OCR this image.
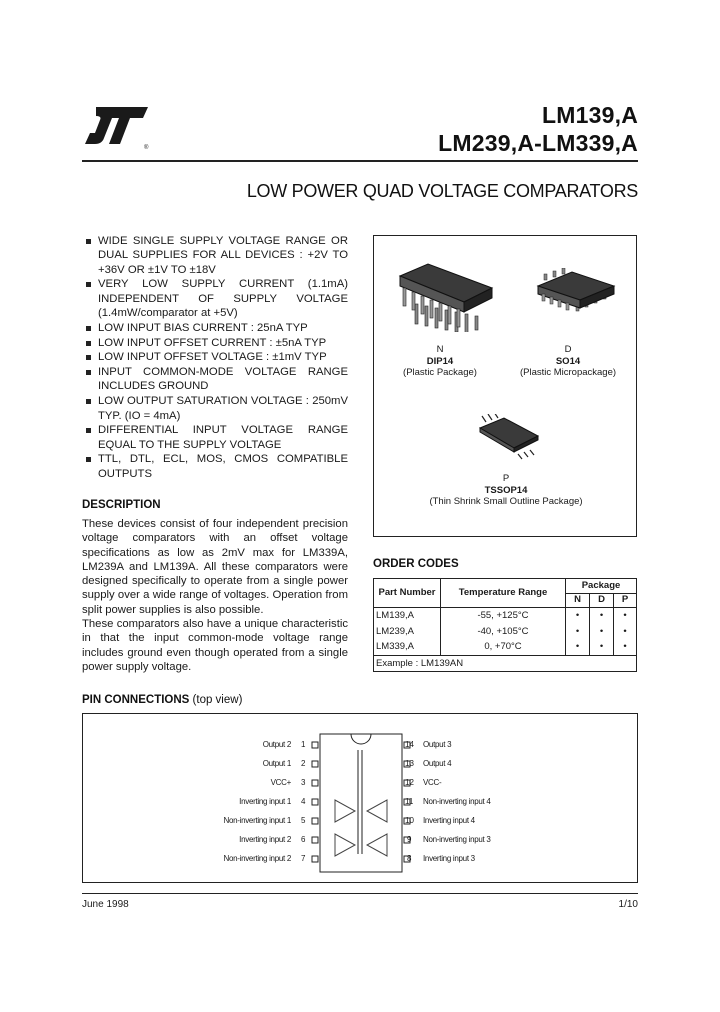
®
LM139,A
LM239,A-LM339,A
LOW POWER QUAD VOLTAGE COMPARATORS
WIDE SINGLE SUPPLY VOLTAGE RANGE OR DUAL SUPPLIES FOR ALL DEVICES : +2V TO +36V OR ±1V TO ±18V
VERY LOW SUPPLY CURRENT (1.1mA) INDEPENDENT OF SUPPLY VOLTAGE (1.4mW/comparator at +5V)
LOW INPUT BIAS CURRENT : 25nA TYP
LOW INPUT OFFSET CURRENT : ±5nA TYP
LOW INPUT OFFSET VOLTAGE : ±1mV TYP
INPUT COMMON-MODE VOLTAGE RANGE INCLUDES GROUND
LOW OUTPUT SATURATION VOLTAGE : 250mV TYP. (IO = 4mA)
DIFFERENTIAL INPUT VOLTAGE RANGE EQUAL TO THE SUPPLY VOLTAGE
TTL, DTL, ECL, MOS, CMOS COMPATIBLE OUTPUTS
DESCRIPTION

These devices consist of four independent precision voltage comparators with an offset voltage specifications as low as 2mV max for LM339A, LM239A and LM139A. All these comparators were designed specifically to operate from a single power supply over a wide range of voltages. Operation from split power supplies is also possible.

These comparators also have a unique characteristic in that the input common-mode voltage range includes ground even though operated from a single power supply voltage.

N
DIP14
(Plastic Package)
D
SO14
(Plastic Micropackage)
P
TSSOP14
(Thin Shrink Small Outline Package)
ORDER CODES
Part Number	Temperature Range	Package		
		N	D	P
LM139,A	-55, +125°C	•	•	•
LM239,A	-40, +105°C	•	•	•
LM339,A	0, +70°C	•	•	•
Example : LM139AN				
PIN CONNECTIONS (top view)
Output 2
Output 1
VCC+
Inverting input 1
Non-inverting input 1
Inverting input 2
Non-inverting input 2
1
2
3
4
5
6
7
14
13
12
11
10
9
8
Output 3
Output 4
VCC-
Non-inverting input 4
Inverting input 4
Non-inverting input 3
Inverting input 3
June 1998	1/10
